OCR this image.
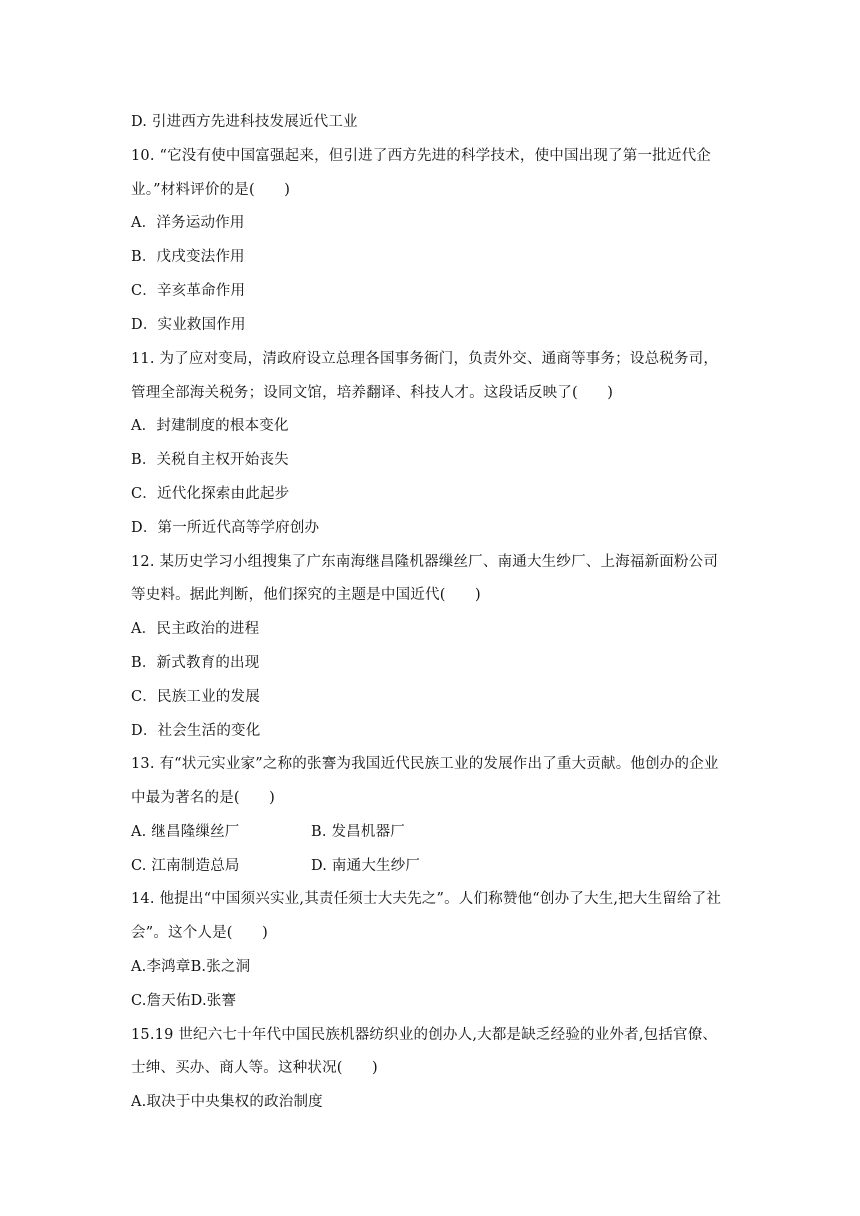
D. 引进西方先进科技发展近代工业
10. “它没有使中国富强起来，但引进了西方先进的科学技术，使中国出现了第一批近代企
业。”材料评价的是(　　)
A．洋务运动作用
B．戊戌变法作用
C．辛亥革命作用
D．实业救国作用
11. 为了应对变局，清政府设立总理各国事务衙门，负责外交、通商等事务；设总税务司，
管理全部海关税务；设同文馆，培养翻译、科技人才。这段话反映了(　　)
A．封建制度的根本变化
B．关税自主权开始丧失
C．近代化探索由此起步
D．第一所近代高等学府创办
12. 某历史学习小组搜集了广东南海继昌隆机器缫丝厂、南通大生纱厂、上海福新面粉公司
等史料。据此判断，他们探究的主题是中国近代(　　)
A．民主政治的进程
B．新式教育的出现
C．民族工业的发展
D．社会生活的变化
13. 有“状元实业家”之称的张謇为我国近代民族工业的发展作出了重大贡献。他创办的企业
中最为著名的是(　　)
A. 继昌隆缫丝厂	B. 发昌机器厂
C. 江南制造总局	D. 南通大生纱厂
14. 他提出“中国须兴实业,其责任须士大夫先之”。人们称赞他“创办了大生,把大生留给了社
会”。这个人是(　　)
A.李鸿章B.张之洞
C.詹天佑D.张謇
15.19 世纪六七十年代中国民族机器纺织业的创办人,大都是缺乏经验的业外者,包括官僚、
士绅、买办、商人等。这种状况(　　)
A.取决于中央集权的政治制度
